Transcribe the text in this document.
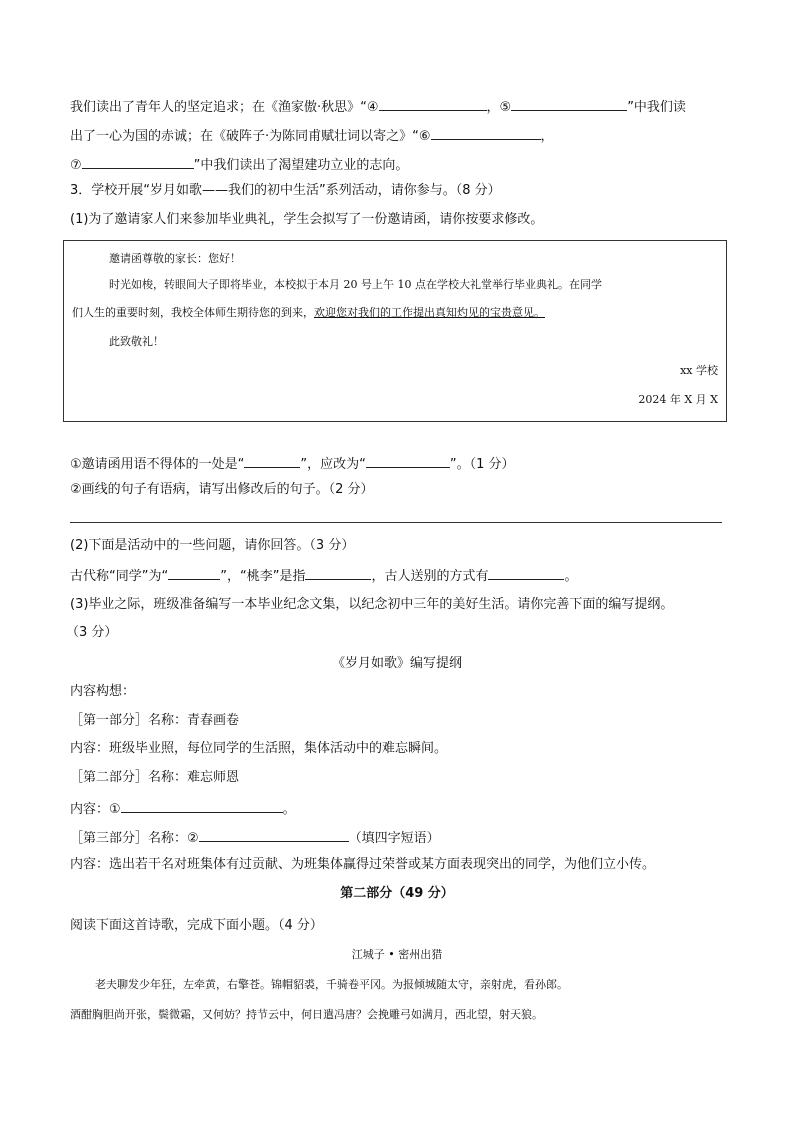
我们读出了青年人的坚定追求；在《渔家傲·秋思》“④	，⑤	”中我们读
出了一心为国的赤诚；在《破阵子·为陈同甫赋壮词以寄之》“⑥	，
⑦	”中我们读出了渴望建功立业的志向。
3．学校开展“岁月如歌——我们的初中生活”系列活动，请你参与。（8 分）
(1)为了邀请家人们来参加毕业典礼，学生会拟写了一份邀请函，请你按要求修改。
邀请函尊敬的家长：您好！
时光如梭，转眼间大子即将毕业，本校拟于本月 20 号上午 10 点在学校大礼堂举行毕业典礼。在同学
们人生的重要时刻，我校全体师生期待您的到来，欢迎您对我们的工作提出真知灼见的宝贵意见。
此致敬礼！
xx 学校
2024 年 X 月 X
①邀请函用语不得体的一处是“	”，应改为“	”。（1 分）
②画线的句子有语病，请写出修改后的句子。（2 分）
(2)下面是活动中的一些问题，请你回答。（3 分）
古代称“同学”为“	”，“桃李”是指	，古人送别的方式有	。
(3)毕业之际，班级准备编写一本毕业纪念文集，以纪念初中三年的美好生活。请你完善下面的编写提纲。
（3 分）
《岁月如歌》编写提纲
内容构想：
［第一部分］名称：青春画卷
内容：班级毕业照，每位同学的生活照，集体活动中的难忘瞬间。
［第二部分］名称：难忘师恩
内容：①	。
［第三部分］名称：②	（填四字短语）
内容：选出若干名对班集体有过贡献、为班集体赢得过荣誉或某方面表现突出的同学，为他们立小传。
第二部分（49 分）
阅读下面这首诗歌，完成下面小题。（4 分）
江城子 • 密州出猎
老夫聊发少年狂，左牵黄，右擎苍。锦帽貂裘，千骑卷平冈。为报倾城随太守，亲射虎，看孙郎。
酒酣胸胆尚开张，鬓微霜，又何妨？持节云中，何日遣冯唐？会挽雕弓如满月，西北望，射天狼。
